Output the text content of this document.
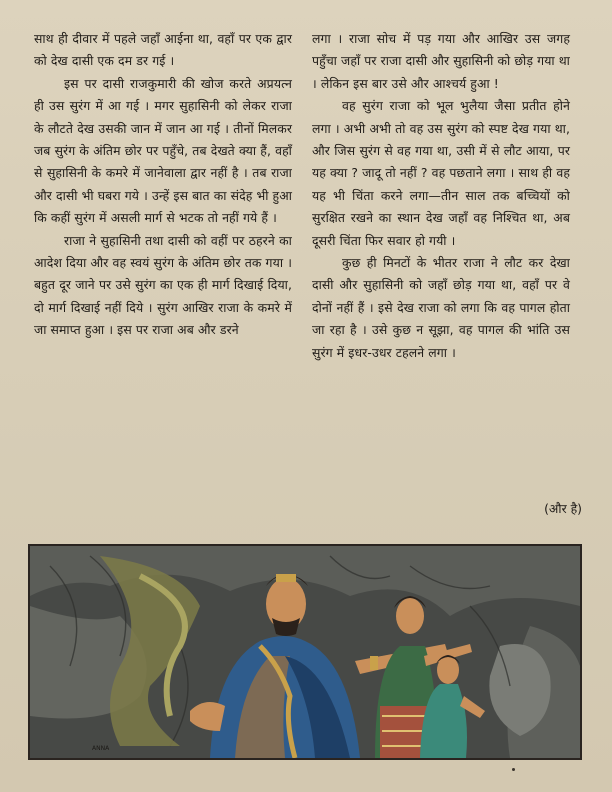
साथ ही दीवार में पहले जहाँ आईना था, वहाँ पर एक द्वार को देख दासी एक दम डर गई ।

इस पर दासी राजकुमारी की खोज करते अप्रयत्न ही उस सुरंग में आ गई । मगर सुहासिनी को लेकर राजा के लौटते देख उसकी जान में जान आ गई । तीनों मिलकर जब सुरंग के अंतिम छोर पर पहुँचे, तब देखते क्या हैं, वहाँ से सुहासिनी के कमरे में जानेवाला द्वार नहीं है । तब राजा और दासी भी घबरा गये । उन्हें इस बात का संदेह भी हुआ कि कहीं सुरंग में असली मार्ग से भटक तो नहीं गये हैं ।

राजा ने सुहासिनी तथा दासी को वहीं पर ठहरने का आदेश दिया और वह स्वयं सुरंग के अंतिम छोर तक गया । बहुत दूर जाने पर उसे सुरंग का एक ही मार्ग दिखाई दिया, दो मार्ग दिखाई नहीं दिये । सुरंग आखिर राजा के कमरे में जा समाप्त हुआ । इस पर राजा अब और डरने

लगा । राजा सोच में पड़ गया और आखिर उस जगह पहुँचा जहाँ पर राजा दासी और सुहासिनी को छोड़ गया था । लेकिन इस बार उसे और आश्चर्य हुआ !

वह सुरंग राजा को भूल भुलैया जैसा प्रतीत होने लगा । अभी अभी तो वह उस सुरंग को स्पष्ट देख गया था, और जिस सुरंग से वह गया था, उसी में से लौट आया, पर यह क्या ? जादू तो नहीं ? वह पछताने लगा । साथ ही वह यह भी चिंता करने लगा—तीन साल तक बच्चियों को सुरक्षित रखने का स्थान देख जहाँ वह निश्चित था, अब दूसरी चिंता फिर सवार हो गयी ।

कुछ ही मिनटों के भीतर राजा ने लौट कर देखा दासी और सुहासिनी को जहाँ छोड़ गया था, वहाँ पर वे दोनों नहीं हैं । इसे देख राजा को लगा कि वह पागल होता जा रहा है । उसे कुछ न सूझा, वह पागल की भांति उस सुरंग में इधर-उधर टहलने लगा ।

(और है)
ANNA
